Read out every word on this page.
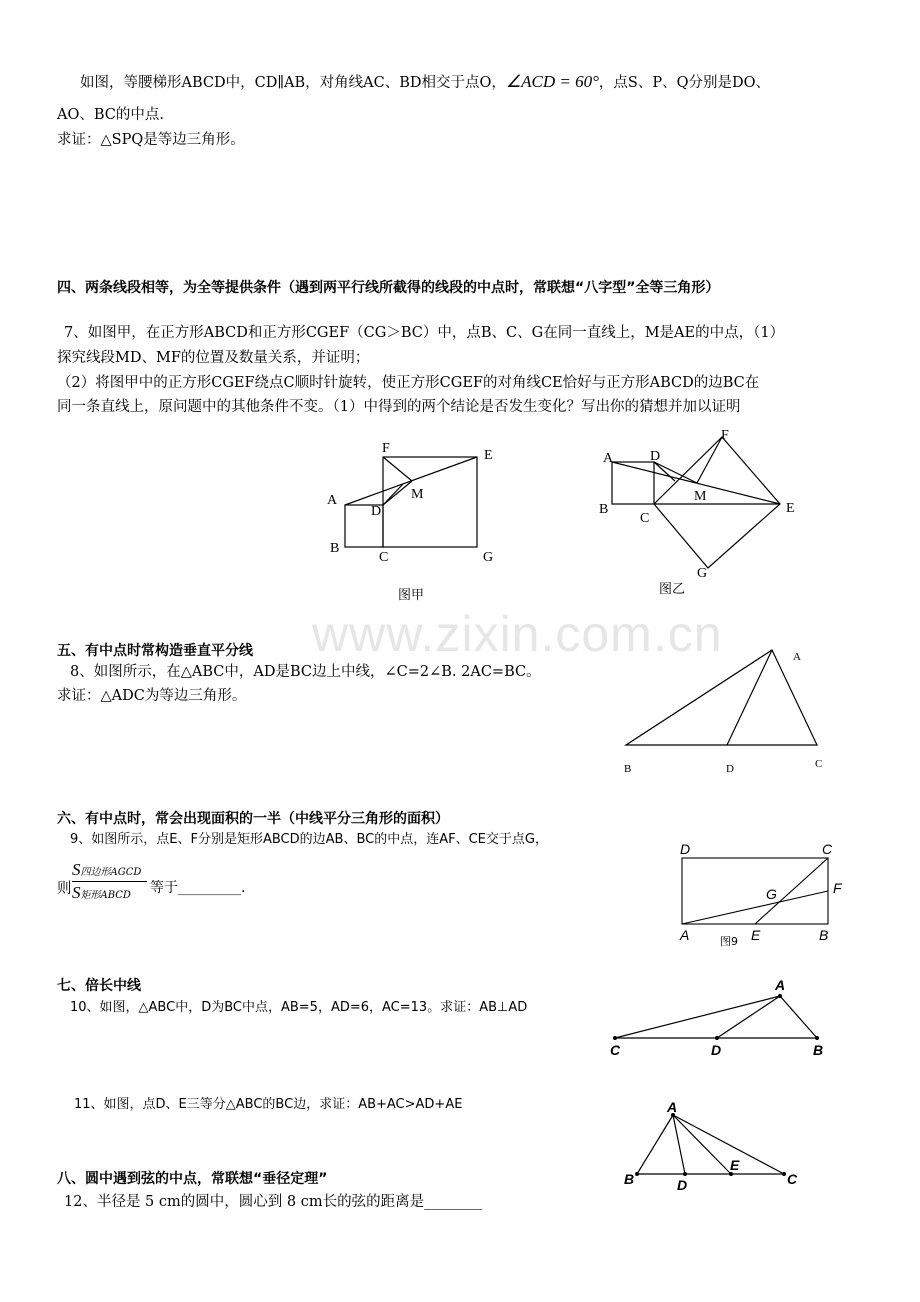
www.zixin.com.cn
如图，等腰梯形ABCD中，CD∥AB，对角线AC、BD相交于点O，∠ACD = 60°，点S、P、Q分别是DO、
AO、BC的中点.
求证：△SPQ是等边三角形。
四、两条线段相等，为全等提供条件（遇到两平行线所截得的线段的中点时，常联想“八字型”全等三角形）
7、如图甲，在正方形ABCD和正方形CGEF（CG＞BC）中，点B、C、G在同一直线上，M是AE的中点，（1）
探究线段MD、MF的位置及数量关系，并证明；
（2）将图甲中的正方形CGEF绕点C顺时针旋转，使正方形CGEF的对角线CE恰好与正方形ABCD的边BC在
同一条直线上，原问题中的其他条件不变。（1）中得到的两个结论是否发生变化？写出你的猜想并加以证明
A
B
C
D
E
F
G
M
图甲
A
B
C
D
E
F
G
M
图乙
五、有中点时常构造垂直平分线
8、如图所示，在△ABC中，AD是BC边上中线，∠C=2∠B. 2AC=BC。
求证：△ADC为等边三角形。
A
B	C
D
六、有中点时，常会出现面积的一半（中线平分三角形的面积）
9、如图所示，点E、F分别是矩形ABCD的边AB、BC的中点，连AF、CE交于点G，
则
S四边形AGCD
S矩形ABCD	等于_________.
D	C
A	B
E
F
G
图9
七、倍长中线
10、如图，△ABC中，D为BC中点，AB=5，AD=6，AC=13。求证：AB⊥AD
A
C	D	B
11、如图，点D、E三等分△ABC的BC边，求证：AB+AC>AD+AE	A
B	D
E
C
八、圆中遇到弦的中点，常联想“垂径定理”
12、半径是 5 cm的圆中，圆心到 8 cm长的弦的距离是________
